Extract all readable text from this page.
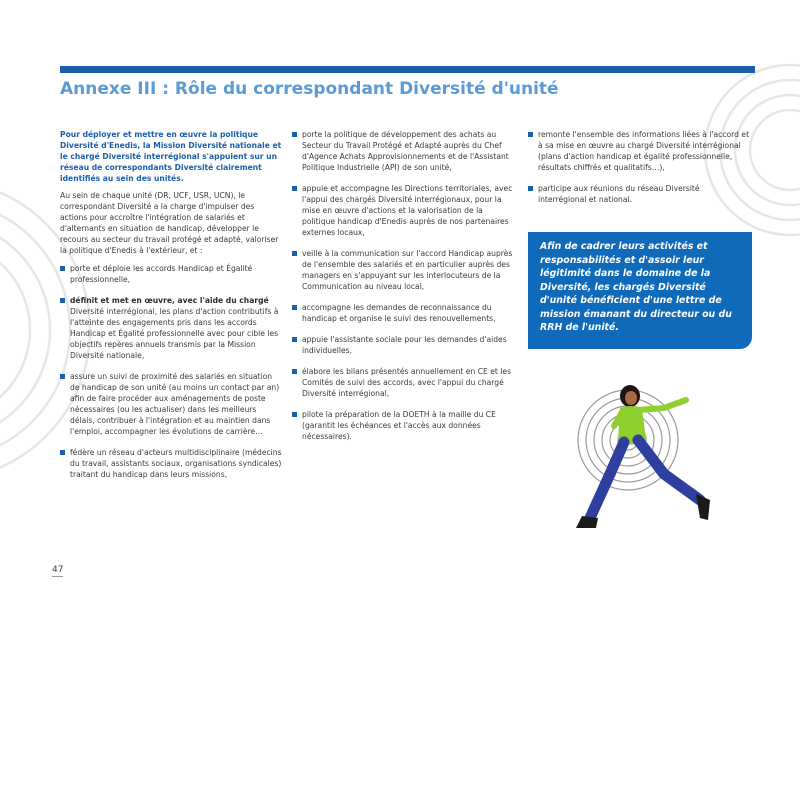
Annexe III : Rôle du correspondant Diversité d'unité

Pour déployer et mettre en œuvre la politique Diversité d'Enedis, la Mission Diversité nationale et le chargé Diversité interrégional s'appuient sur un réseau de correspondants Diversité clairement identifiés au sein des unités.

Au sein de chaque unité (DR, UCF, USR, UCN), le correspondant Diversité a la charge d'impulser des actions pour accroître l'intégration de salariés et d'alternants en situation de handicap, développer le recours au secteur du travail protégé et adapté, valoriser la politique d'Enedis à l'extérieur, et :

porte et déploie les accords Handicap et Égalité professionnelle,
définit et met en œuvre, avec l'aide du chargé Diversité interrégional, les plans d'action contributifs à l'atteinte des engagements pris dans les accords Handicap et Égalité professionnelle avec pour cible les objectifs repères annuels transmis par la Mission Diversité nationale,
assure un suivi de proximité des salariés en situation de handicap de son unité (au moins un contact par an) afin de faire procéder aux aménagements de poste nécessaires (ou les actualiser) dans les meilleurs délais, contribuer à l'intégration et au maintien dans l'emploi, accompagner les évolutions de carrière…
fédère un réseau d'acteurs multidisciplinaire (médecins du travail, assistants sociaux, organisations syndicales) traitant du handicap dans leurs missions,
porte la politique de développement des achats au Secteur du Travail Protégé et Adapté auprès du Chef d'Agence Achats Approvisionnements et de l'Assistant Politique Industrielle (API) de son unité,
appuie et accompagne les Directions territoriales, avec l'appui des chargés Diversité interrégionaux, pour la mise en œuvre d'actions et la valorisation de la politique handicap d'Enedis auprès de nos partenaires externes locaux,
veille à la communication sur l'accord Handicap auprès de l'ensemble des salariés et en particulier auprès des managers en s'appuyant sur les interlocuteurs de la Communication au niveau local,
accompagne les demandes de reconnaissance du handicap et organise le suivi des renouvellements,
appuie l'assistante sociale pour les demandes d'aides individuelles,
élabore les bilans présentés annuellement en CE et les Comités de suivi des accords, avec l'appui du chargé Diversité interrégional,
pilote la préparation de la DOETH à la maille du CE (garantit les échéances et l'accès aux données nécessaires).
remonte l'ensemble des informations liées à l'accord et à sa mise en œuvre au chargé Diversité interrégional (plans d'action handicap et égalité professionnelle, résultats chiffrés et qualitatifs…),
participe aux réunions du réseau Diversité interrégional et national.
Afin de cadrer leurs activités et responsabilités et d'assoir leur légitimité dans le domaine de la Diversité, les chargés Diversité d'unité bénéficient d'une lettre de mission émanant du directeur ou du RRH de l'unité.
47
